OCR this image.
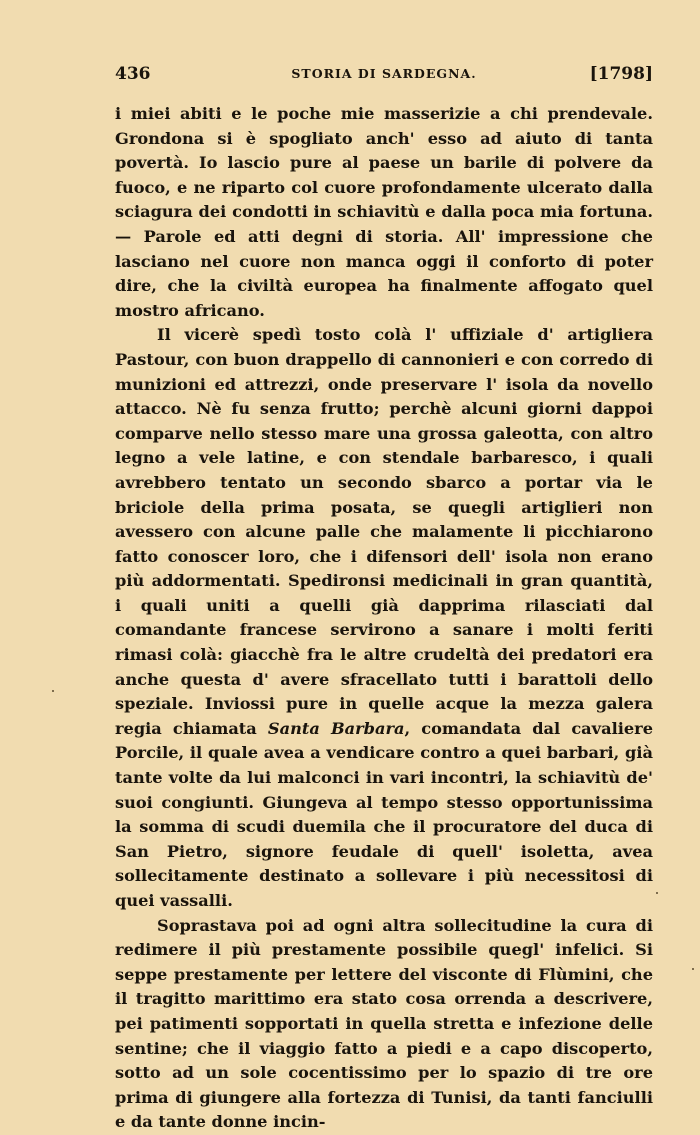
436	STORIA DI SARDEGNA.	[1798]

i miei abiti e le poche mie masserizie a chi prendevale. Grondona si è spogliato anch' esso ad aiuto di tanta povertà. Io lascio pure al paese un barile di polvere da fuoco, e ne riparto col cuore profondamente ulcerato dalla sciagura dei condotti in schiavitù e dalla poca mia fortuna. — Parole ed atti degni di storia. All' impressione che lasciano nel cuore non manca oggi il conforto di poter dire, che la civiltà europea ha finalmente affogato quel mostro africano.

Il vicerè spedì tosto colà l' uffiziale d' artigliera Pastour, con buon drappello di cannonieri e con corredo di munizioni ed attrezzi, onde preservare l' isola da novello attacco. Nè fu senza frutto; perchè alcuni giorni dappoi comparve nello stesso mare una grossa galeotta, con altro legno a vele latine, e con stendale barbaresco, i quali avrebbero tentato un secondo sbarco a portar via le briciole della prima posata, se quegli artiglieri non avessero con alcune palle che malamente li picchiarono fatto conoscer loro, che i difensori dell' isola non erano più addormentati. Spedironsi medicinali in gran quantità, i quali uniti a quelli già dapprima rilasciati dal comandante francese servirono a sanare i molti feriti rimasi colà: giacchè fra le altre crudeltà dei predatori era anche questa d' avere sfracellato tutti i barattoli dello speziale. Inviossi pure in quelle acque la mezza galera regia chiamata Santa Barbara, comandata dal cavaliere Porcile, il quale avea a vendicare contro a quei barbari, già tante volte da lui malconci in vari incontri, la schiavitù de' suoi congiunti. Giungeva al tempo stesso opportunissima la somma di scudi duemila che il procuratore del duca di San Pietro, signore feudale di quell' isoletta, avea sollecitamente destinato a sollevare i più necessitosi di quei vassalli.

Soprastava poi ad ogni altra sollecitudine la cura di redimere il più prestamente possibile quegl' infelici. Si seppe prestamente per lettere del visconte di Flùmini, che il tragitto marittimo era stato cosa orrenda a descrivere, pei patimenti sopportati in quella stretta e infezione delle sentine; che il viaggio fatto a piedi e a capo discoperto, sotto ad un sole cocentissimo per lo spazio di tre ore prima di giungere alla fortezza di Tunisi, da tanti fanciulli e da tante donne incin-
